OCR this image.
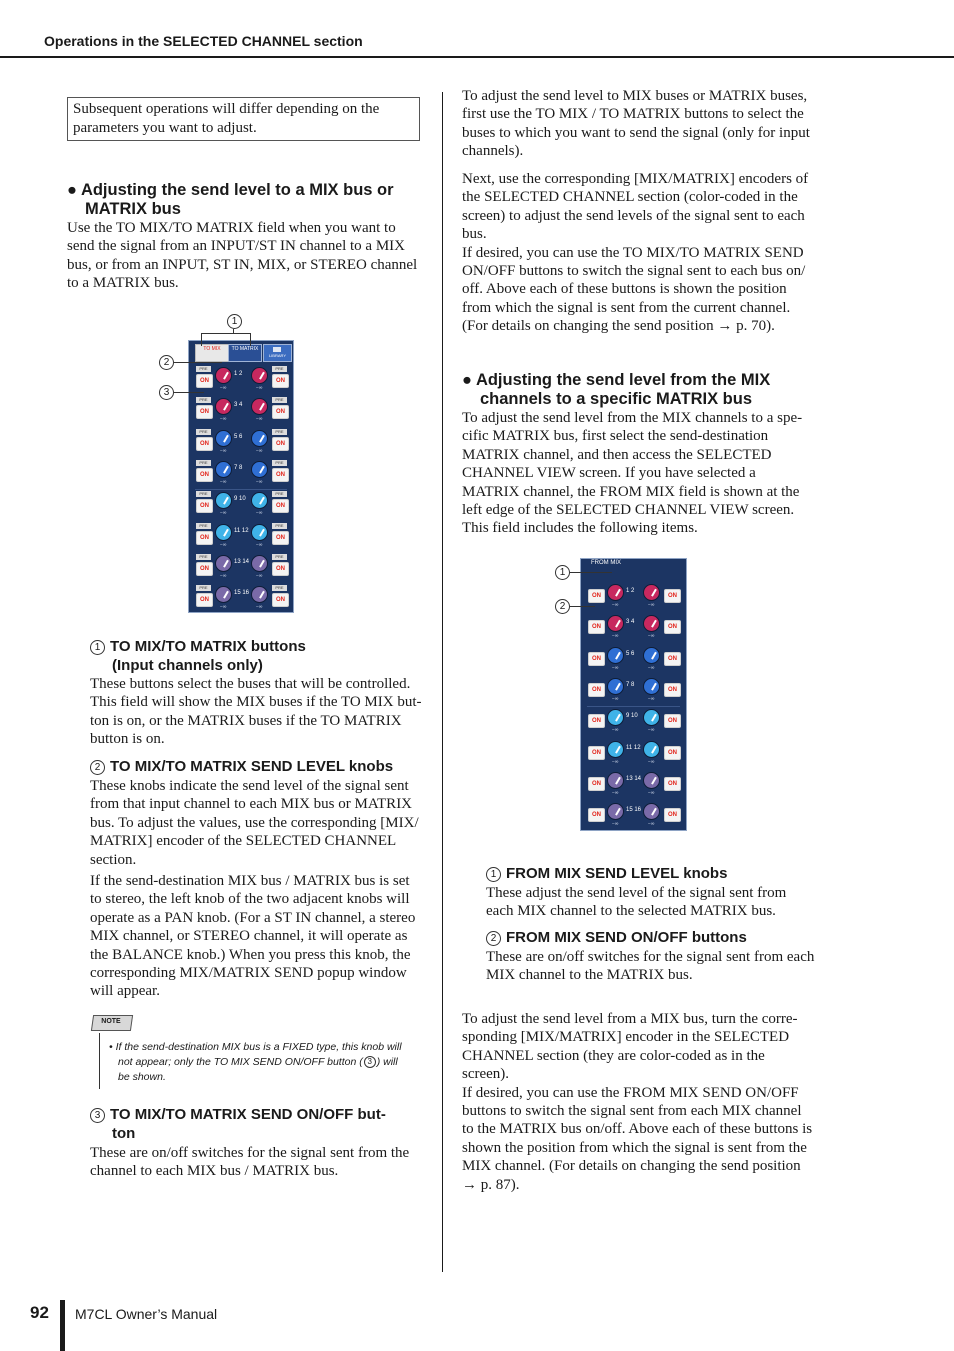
Operations in the SELECTED CHANNEL section
Subsequent operations will differ depending on the parameters you want to adjust.
● Adjusting the send level to a MIX bus or
MATRIX bus
Use the TO MIX/TO MATRIX field when you want to
send the signal from an INPUT/ST IN channel to a MIX
bus, or from an INPUT, ST IN, MIX, or STEREO channel
to a MATRIX bus.
TO MIX	TO MATRIX
LIBRARY
PRE	PRE
ON	ON
1 2
−∞	−∞
PRE	PRE
ON	ON
3 4
−∞	−∞
PRE	PRE
ON	ON
5 6
−∞	−∞
PRE	PRE
ON	ON
7 8
−∞	−∞
PRE	PRE
ON	ON
9 10
−∞	−∞
PRE	PRE
ON	ON
11 12
−∞	−∞
PRE	PRE
ON	ON
13 14
−∞	−∞
PRE	PRE
ON	ON
15 16
−∞	−∞
1
2
3
1 TO MIX/TO MATRIX buttons
(Input channels only)
These buttons select the buses that will be controlled.
This field will show the MIX buses if the TO MIX but-
ton is on, or the MATRIX buses if the TO MATRIX
button is on.
2 TO MIX/TO MATRIX SEND LEVEL knobs
These knobs indicate the send level of the signal sent
from that input channel to each MIX bus or MATRIX
bus. To adjust the values, use the corresponding [MIX/
MATRIX] encoder of the SELECTED CHANNEL
section.
If the send-destination MIX bus / MATRIX bus is set
to stereo, the left knob of the two adjacent knobs will
operate as a PAN knob. (For a ST IN channel, a stereo
MIX channel, or STEREO channel, it will operate as
the BALANCE knob.) When you press this knob, the
corresponding MIX/MATRIX SEND popup window
will appear.
NOTE
• If the send-destination MIX bus is a FIXED type, this knob will
not appear; only the TO MIX SEND ON/OFF button ( 3 ) will
be shown.
3 TO MIX/TO MATRIX SEND ON/OFF but-
ton
These are on/off switches for the signal sent from the
channel to each MIX bus / MATRIX bus.
To adjust the send level to MIX buses or MATRIX buses,
first use the TO MIX / TO MATRIX buttons to select the
buses to which you want to send the signal (only for input
channels).
Next, use the corresponding [MIX/MATRIX] encoders of
the SELECTED CHANNEL section (color-coded in the
screen) to adjust the send levels of the signal sent to each
bus.
If desired, you can use the TO MIX/TO MATRIX SEND
ON/OFF buttons to switch the signal sent to each bus on/
off. Above each of these buttons is shown the position
from which the signal is sent from the current channel.
(For details on changing the send position → p. 70).
● Adjusting the send level from the MIX
channels to a specific MATRIX bus
To adjust the send level from the MIX channels to a spe-
cific MATRIX bus, first select the send-destination
MATRIX channel, and then access the SELECTED
CHANNEL VIEW screen. If you have selected a
MATRIX channel, the FROM MIX field is shown at the
left edge of the SELECTED CHANNEL VIEW screen.
This field includes the following items.
FROM MIX
ON	ON
1 2
−∞	−∞
ON	ON
3 4
−∞	−∞
ON	ON
5 6
−∞	−∞
ON	ON
7 8
−∞	−∞
ON	ON
9 10
−∞	−∞
ON	ON
11 12
−∞	−∞
ON	ON
13 14
−∞	−∞
ON	ON
15 16
−∞	−∞
1
2
1 FROM MIX SEND LEVEL knobs
These adjust the send level of the signal sent from
each MIX channel to the selected MATRIX bus.
2 FROM MIX SEND ON/OFF buttons
These are on/off switches for the signal sent from each
MIX channel to the MATRIX bus.
To adjust the send level from a MIX bus, turn the corre-
sponding [MIX/MATRIX] encoder in the SELECTED
CHANNEL section (they are color-coded as in the
screen).
If desired, you can use the FROM MIX SEND ON/OFF
buttons to switch the signal sent from each MIX channel
to the MATRIX bus on/off. Above each of these buttons is
shown the position from which the signal is sent from the
MIX channel. (For details on changing the send position
→ p. 87).
92 M7CL Owner’s Manual
